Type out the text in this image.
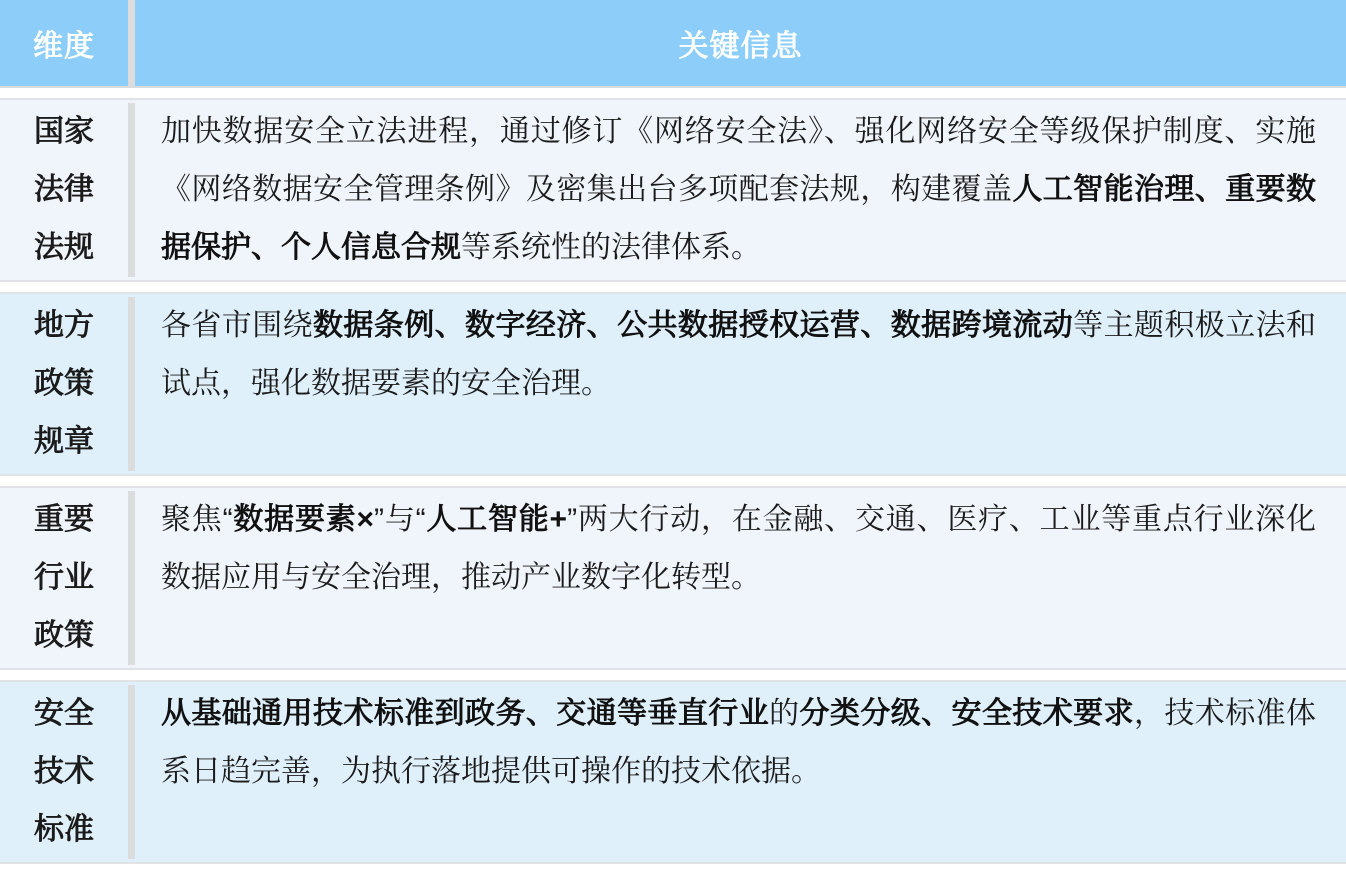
维度	关键信息
国家
法律
法规
加快数据安全立法进程，通过修订《网络安全法》、强化网络安全等级保护制度、实施《网络数据安全管理条例》及密集出台多项配套法规，构建覆盖人工智能治理、重要数据保护、个人信息合规等系统性的法律体系。
地方
政策
规章
各省市围绕数据条例、数字经济、公共数据授权运营、数据跨境流动等主题积极立法和试点，强化数据要素的安全治理。
重要
行业
政策
聚焦“数据要素×”与“人工智能+”两大行动，在金融、交通、医疗、工业等重点行业深化数据应用与安全治理，推动产业数字化转型。
安全
技术
标准
从基础通用技术标准到政务、交通等垂直行业的分类分级、安全技术要求，技术标准体系日趋完善，为执行落地提供可操作的技术依据。
